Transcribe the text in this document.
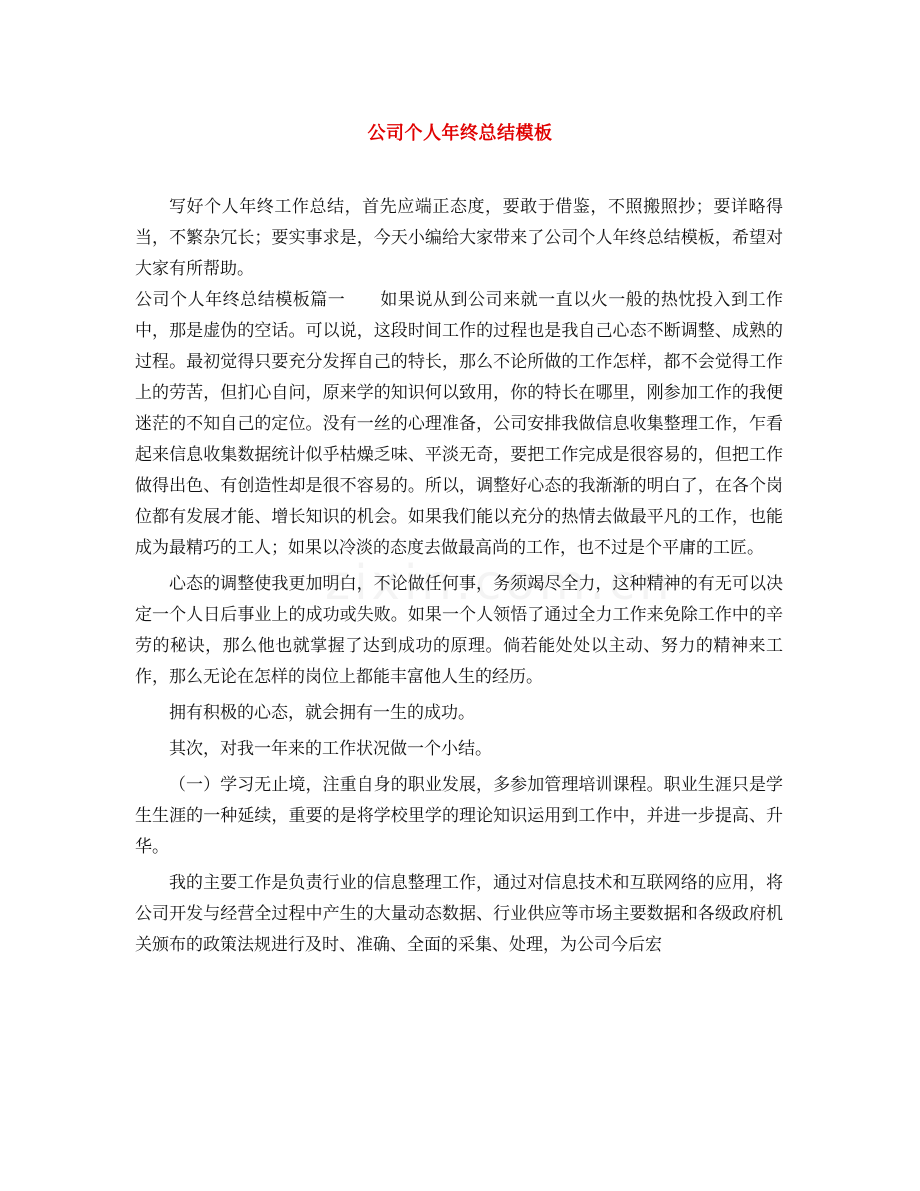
公司个人年终总结模板

写好个人年终工作总结，首先应端正态度，要敢于借鉴，不照搬照抄；要详略得当，不繁杂冗长；要实事求是，今天小编给大家带来了公司个人年终总结模板，希望对大家有所帮助。

公司个人年终总结模板篇一　　如果说从到公司来就一直以火一般的热忱投入到工作中，那是虚伪的空话。可以说，这段时间工作的过程也是我自己心态不断调整、成熟的过程。最初觉得只要充分发挥自己的特长，那么不论所做的工作怎样，都不会觉得工作上的劳苦，但扪心自问，原来学的知识何以致用，你的特长在哪里，刚参加工作的我便迷茫的不知自己的定位。没有一丝的心理准备，公司安排我做信息收集整理工作，乍看起来信息收集数据统计似乎枯燥乏味、平淡无奇，要把工作完成是很容易的，但把工作做得出色、有创造性却是很不容易的。所以，调整好心态的我渐渐的明白了，在各个岗位都有发展才能、增长知识的机会。如果我们能以充分的热情去做最平凡的工作，也能成为最精巧的工人；如果以冷淡的态度去做最高尚的工作，也不过是个平庸的工匠。

心态的调整使我更加明白，不论做任何事，务须竭尽全力，这种精神的有无可以决定一个人日后事业上的成功或失败。如果一个人领悟了通过全力工作来免除工作中的辛劳的秘诀，那么他也就掌握了达到成功的原理。倘若能处处以主动、努力的精神来工作，那么无论在怎样的岗位上都能丰富他人生的经历。

拥有积极的心态，就会拥有一生的成功。

其次，对我一年来的工作状况做一个小结。

（一）学习无止境，注重自身的职业发展，多参加管理培训课程。职业生涯只是学生生涯的一种延续，重要的是将学校里学的理论知识运用到工作中，并进一步提高、升华。

我的主要工作是负责行业的信息整理工作，通过对信息技术和互联网络的应用，将公司开发与经营全过程中产生的大量动态数据、行业供应等市场主要数据和各级政府机关颁布的政策法规进行及时、准确、全面的采集、处理，为公司今后宏
